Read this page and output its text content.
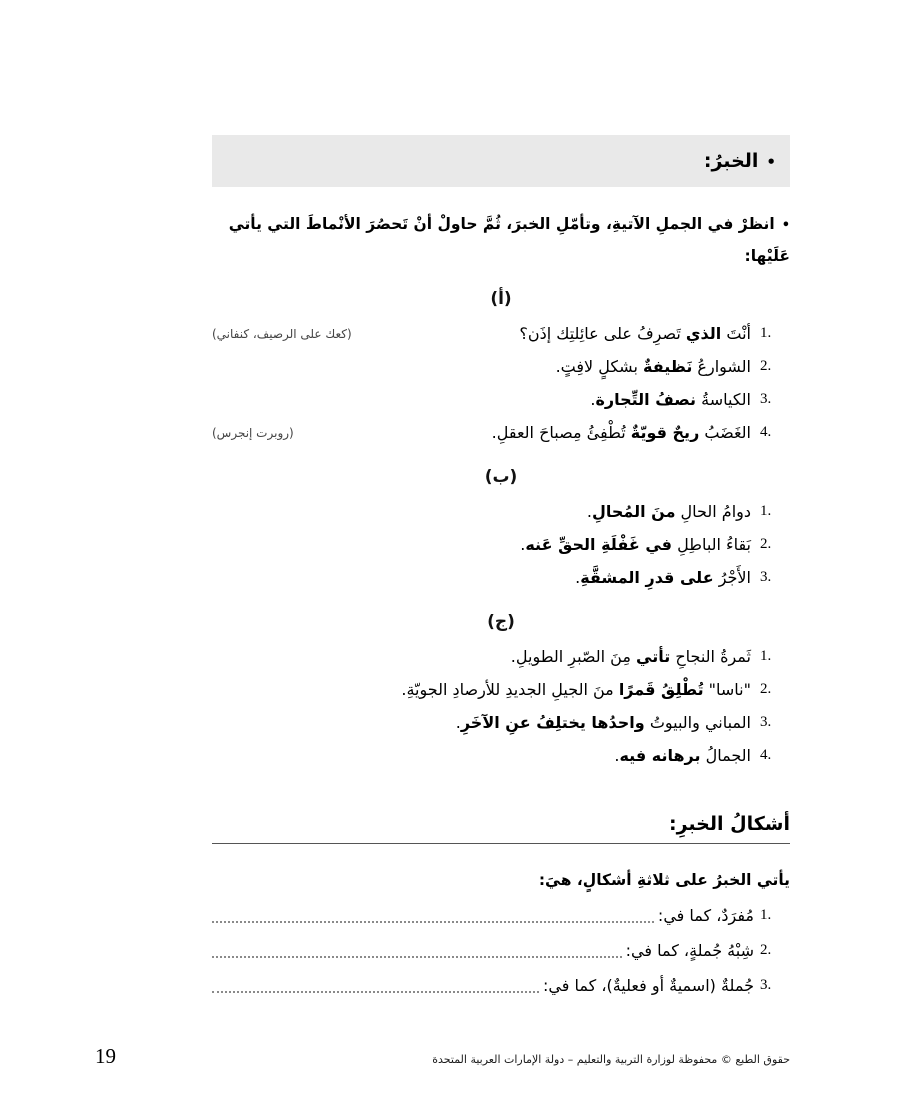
•الخبرُ:
•انظرْ في الجملِ الآتيةِ، وتأمّلِ الخبرَ، ثُمَّ حاولْ أنْ تَحصُرَ الأنْماطَ التي يأتي عَلَيْها:
(أ)
1.
أنْتَ الذي تَصرِفُ على عائِلتِك إذَن؟
(كعك على الرصيف، كنفاني)
2.
الشوارعُ نَظيفةٌ بشكلٍ لافِتٍ.
3.
الكياسةُ نصفُ التِّجارة.
4.
الغَضَبُ ريحٌ قويّةٌ تُطْفِئُ مِصباحَ العقلِ.
(روبرت إنجرس)
(ب)
1.
دوامُ الحالِ منَ المُحالِ.
2.
بَقاءُ الباطِلِ في غَفْلَةِ الحقِّ عَنه.
3.
الأَجْرُ على قدرِ المشقَّةِ.
(ج)
1.
ثَمرةُ النجاحِ تأتي مِنَ الصّبرِ الطويلِ.
2.
"ناسا" تُطْلِقُ قَمرًا منَ الجيلِ الجديدِ للأرصادِ الجويّةِ.
3.
المباني والبيوتُ واحدُها يختلِفُ عنِ الآخَرِ.
4.
الجمالُ برهانه فيه.
أشكالُ الخبرِ:
يأتي الخبرُ على ثلاثةِ أشكالٍ، هيَ:
1.
مُفرَدٌ، كما في:
2.
شِبْهُ جُملةٍ، كما في:
3.
جُملةٌ (اسميةٌ أو فعليةٌ)، كما في:
حقوق الطبع © محفوظة لوزارة التربية والتعليم – دولة الإمارات العربية المتحدة
19
